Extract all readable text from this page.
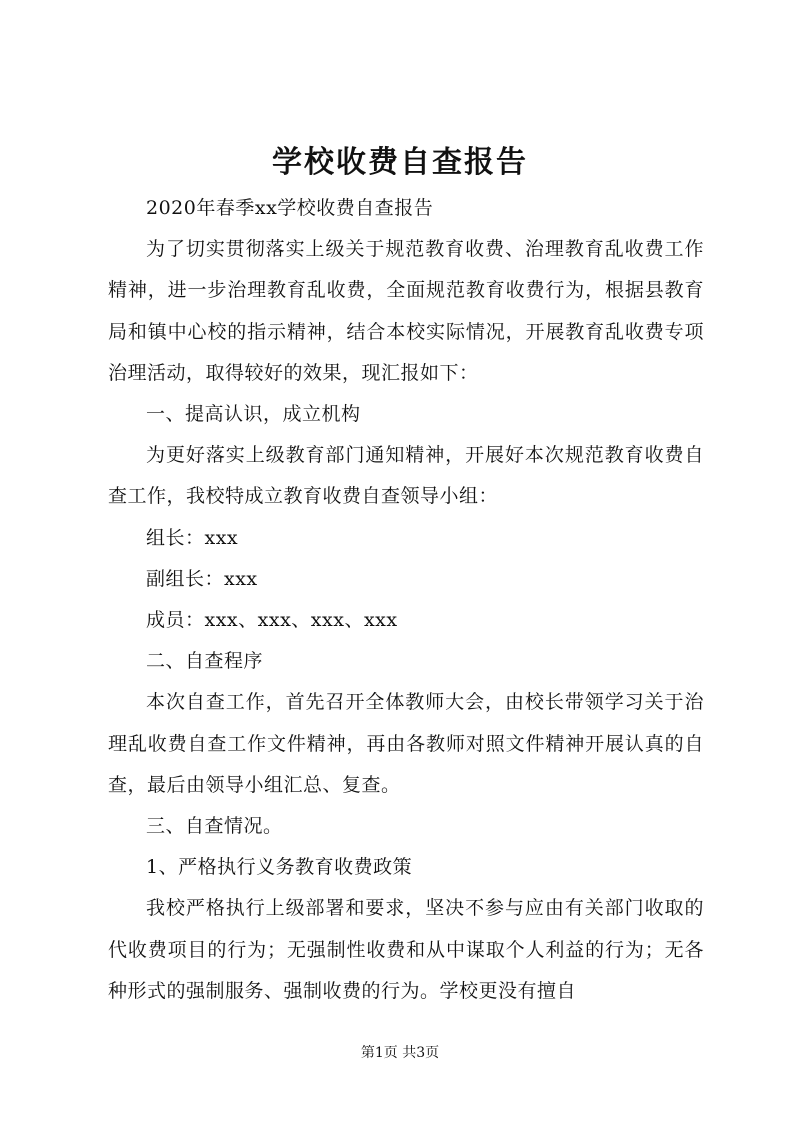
学校收费自查报告

2020年春季xx学校收费自查报告

为了切实贯彻落实上级关于规范教育收费、治理教育乱收费工作精神，进一步治理教育乱收费，全面规范教育收费行为，根据县教育局和镇中心校的指示精神，结合本校实际情况，开展教育乱收费专项治理活动，取得较好的效果，现汇报如下：

一、提高认识，成立机构

为更好落实上级教育部门通知精神，开展好本次规范教育收费自查工作，我校特成立教育收费自查领导小组：

组长：xxx

副组长：xxx

成员：xxx、xxx、xxx、xxx

二、自查程序

本次自查工作，首先召开全体教师大会，由校长带领学习关于治理乱收费自查工作文件精神，再由各教师对照文件精神开展认真的自查，最后由领导小组汇总、复查。

三、自查情况。

1、严格执行义务教育收费政策

我校严格执行上级部署和要求，坚决不参与应由有关部门收取的代收费项目的行为；无强制性收费和从中谋取个人利益的行为；无各种形式的强制服务、强制收费的行为。学校更没有擅自

第1页 共3页
